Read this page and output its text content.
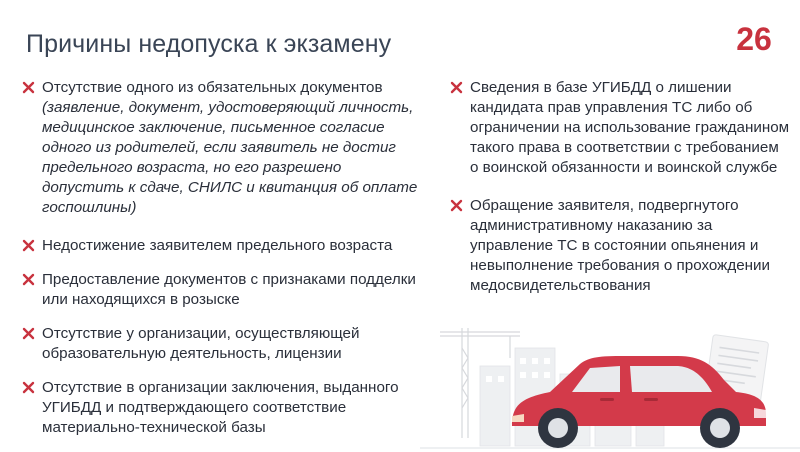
Причины недопуска к экзамену	26
Отсутствие одного из обязательных документов
(заявление, документ, удостоверяющий личность, медицинское заключение, письменное согласие одного из родителей, если заявитель не достиг предельного возраста, но его разрешено допустить к сдаче, СНИЛС и квитанция об оплате госпошлины)
Недостижение заявителем предельного возраста
Предоставление документов с признаками подделки или находящихся в розыске
Отсутствие у организации, осуществляющей образовательную деятельность, лицензии
Отсутствие в организации заключения, выданного УГИБДД и подтверждающего соответствие материально-технической базы
Сведения в базе УГИБДД о лишении кандидата прав управления ТС либо об ограничении на использование гражданином такого права в соответствии с требованием о воинской обязанности и воинской службе
Обращение заявителя, подвергнутого административному наказанию за управление ТС в состоянии опьянения и невыполнение требования о прохождении медосвидетельствования
